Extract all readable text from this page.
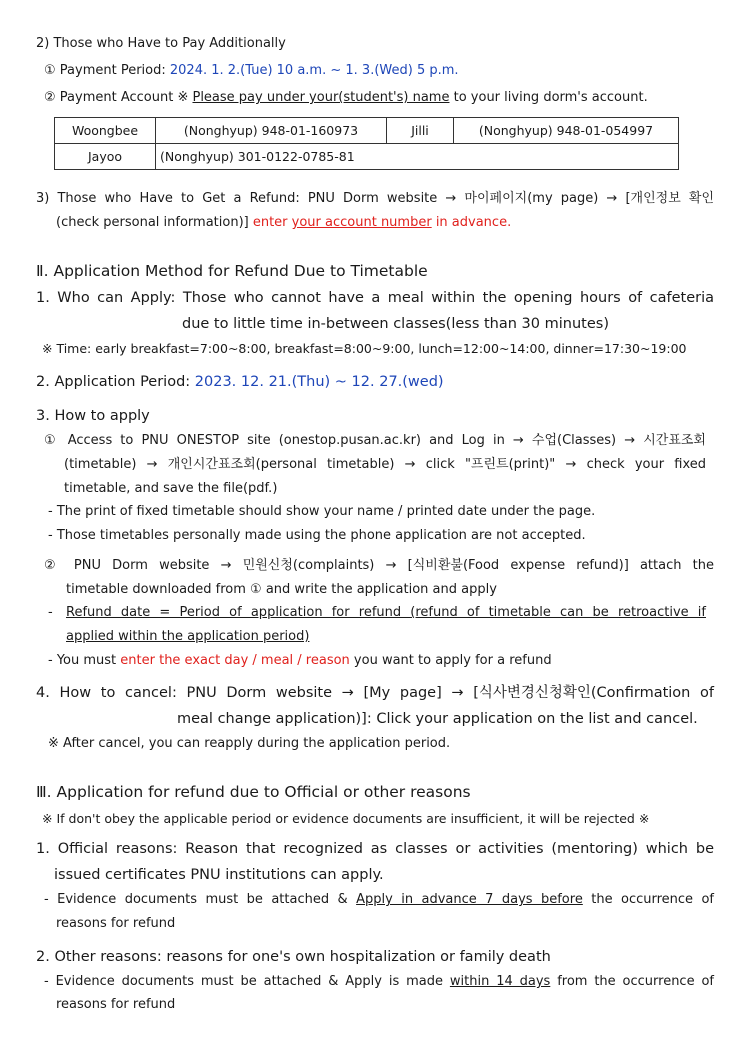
2) Those who Have to Pay Additionally
① Payment Period: 2024. 1. 2.(Tue) 10 a.m. ~ 1. 3.(Wed) 5 p.m.
② Payment Account ※ Please pay under your(student's) name to your living dorm's account.
Woongbee	(Nonghyup) 948-01-160973	Jilli	(Nonghyup) 948-01-054997
Jayoo	(Nonghyup) 301-0122-0785-81		
3) Those who Have to Get a Refund: PNU Dorm website → 마이페이지(my page) → [개인정보 확인
(check personal information)] enter your account number in advance.
Ⅱ. Application Method for Refund Due to Timetable
1. Who can Apply: Those who cannot have a meal within the opening hours of cafeteria
due to little time in-between classes(less than 30 minutes)
※ Time: early breakfast=7:00~8:00, breakfast=8:00~9:00, lunch=12:00~14:00, dinner=17:30~19:00
2. Application Period: 2023. 12. 21.(Thu) ~ 12. 27.(wed)
3. How to apply
① Access to PNU ONESTOP site (onestop.pusan.ac.kr) and Log in → 수업(Classes) → 시간표조회
(timetable) → 개인시간표조회(personal timetable) → click "프린트(print)" → check your fixed
timetable, and save the file(pdf.)
- The print of fixed timetable should show your name / printed date under the page.
- Those timetables personally made using the phone application are not accepted.
② PNU Dorm website → 민원신청(complaints) → [식비환불(Food expense refund)] attach the
timetable downloaded from ① and write the application and apply
- Refund date = Period of application for refund (refund of timetable can be retroactive if
applied within the application period)
- You must enter the exact day / meal / reason you want to apply for a refund
4. How to cancel: PNU Dorm website → [My page] → [식사변경신청확인(Confirmation of
meal change application)]: Click your application on the list and cancel.
※ After cancel, you can reapply during the application period.
Ⅲ. Application for refund due to Official or other reasons
※ If don't obey the applicable period or evidence documents are insufficient, it will be rejected ※
1. Official reasons: Reason that recognized as classes or activities (mentoring) which be
issued certificates PNU institutions can apply.
- Evidence documents must be attached & Apply in advance 7 days before the occurrence of
reasons for refund
2. Other reasons: reasons for one's own hospitalization or family death
- Evidence documents must be attached & Apply is made within 14 days from the occurrence of
reasons for refund
